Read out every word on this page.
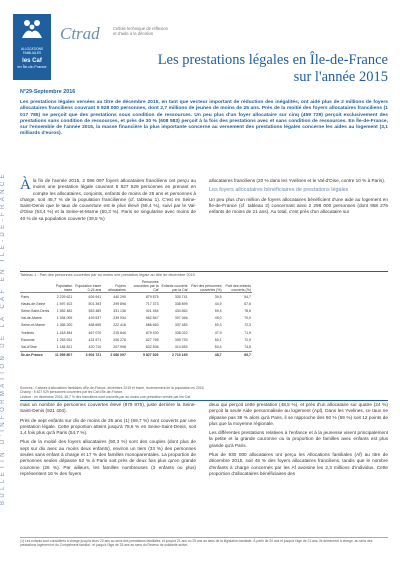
BULLETIN D'INFORMATION DE LA CAF EN ÎLE-DE-FRANCE
ALLOCATIONS FAMILIALES
les Caf
en Île-de-France
Ctrad	Cellule technique de réflexion
et d'aide à la décision
Les prestations légales en Île-de-France
sur l'année 2015
N°29-Septembre 2016
Les prestations légales versées au titre de décembre 2015, en tant que vecteur important de réduction des inégalités, ont aidé plus de 2 millions de foyers allocataires franciliens couvrant 5 828 000 personnes, dont 2,7 millions de jeunes de moins de 25 ans. Près de la moitié des foyers allocataires franciliens (1 017 785) ne perçoit que des prestations sous condition de ressources. Un peu plus d'un foyer allocataire sur cinq (459 729) perçoit exclusivement des prestations sans condition de ressources, et près de 30 % (608 583) perçoit à la fois des prestations avec et sans condition de ressources. En Île-de-France, sur l'ensemble de l'année 2015, la masse financière la plus importante concerne au versement des prestations légales concerne les aides au logement (3,1 milliards d'euros).

Àla fin de l'année 2015, 2 086 097 foyers allocataires franciliens ont perçu au moins une prestation légale couvrant 5 827 529 personnes en prenant en compte les allocataires, conjoints, enfants de moins de 25 ans et personnes à charge, soit 48,7 % de la population francilienne (cf. tableau 1). C'est en Seine-Saint-Denis que le taux de couverture est le plus élevé (59,4 %), suivi par le Val-d'Oise (53,4 %) et la Seine-et-Marne (50,3 %). Paris se singularise avec moins de 40 % de sa population couverte (39,5 %)

allocataires franciliens (20 % dans les Yvelines et le Val-d'Oise, contre 10 % à Paris).

Les foyers allocataires bénéficiaires de prestations légales

Un peu plus d'un million de foyers allocataires bénéficient d'une aide au logement en Île-de-France (cf. tableau 2) concernant ainsi 2 298 000 personnes (dont 958 276 enfants de moins de 21 ans). Au total, c'est près d'un allocataire sur

Tableau 1 : Part des personnes couvertes par au moins une prestation légale au titre de décembre 2015
	Population Insee	Population Insee 0-24 ans	Foyers allocataires	Personnes couvertes par la Caf	Enfants couverts par la Caf	Part des personnes couvertes (%)	Part des enfants couverts (%)
Paris	2 229 621	626 941	440 290	879 875	330 741	39,5	54,7
Hauts-de-Seine	1 597 402	501 393	299 896	717 373	338 899	44,9	67,6
Seine-Saint-Denis	1 552 482	553 480	331 136	921 454	434 862	59,4	78,6
Val-de-Marne	1 354 005	439 537	239 934	662 847	307 946	49,0	70,0
Seine-et-Marne	1 365 200	468 695	222 416	686 663	337 483	50,3	72,3
Yvelines	1 418 484	467 070	215 846	679 430	336 022	47,9	71,9
Essonne	1 253 931	424 971	206 276	627 765	309 793	50,1	72,9
Val-d'Oise	1 184 821	420 710	207 998	632 836	314 653	53,4	74,8
Île-de-France	11 959 807	3 904 721	2 086 097	5 827 529	2 710 165	48,7	69,7
Sources : Caisses d'allocations familiales d'Île-de-France, décembre 2015 et Insee, recensement de la population en 2015.
Champ : 5 827 529 personnes couvertes par les Caf d'Île-de-France.
Lecture : en décembre 2015, 48,7 % des franciliens sont couverts par au moins une prestation versée par les Caf.

mais un nombre de personnes couvertes élevé (879 875), juste derrière la Seine-Saint-Denis (921 404).

Près de sept enfants sur dix de moins de 25 ans (1) (69,7 %) sont couverts par une prestation légale. Cette proportion atteint jusqu'à 78,6 % en Seine-Saint-Denis, soit 1,4 fois plus qu'à Paris (54,7 %).

Plus de la moitié des foyers allocataires (50,3 %) sont des couples (dont plus de sept sur dix avec au moins deux enfants), environ un tiers (33 %) des personnes seules sans enfant à charge et 17 % des familles monoparentales. La proportion de personnes seules dépasse 52 % à Paris soit près de deux fois plus qu'en grande couronne (26 %). Par ailleurs, les familles nombreuses (3 enfants ou plus) représentent 16 % des foyers

deux qui perçoit cette prestation (48,5 %), et près d'un allocataire sur quatre (24 %) perçoit la seule Aide personnalisée au logement (Apl). Dans les Yvelines, ce taux ne dépasse pas 38 % alors qu'à Paris, il se rapproche des 60 % (59 %) soit 12 points de plus que la moyenne régionale.

Les différentes prestations relatives à l'enfance et à la jeunesse visent principalement la petite et la grande couronne ou la proportion de familles avec enfants est plus grande qu'à Paris.

Plus de 930 000 allocataires ont perçu les Allocations familiales (Af) au titre de décembre 2015, soit 45 % des foyers allocataires franciliens, tandis que le nombre d'enfants à charge concernés par les Af avoisine les 2,3 millions d'individus. Cette proportion d'allocataires bénéficiaires des

(1) Les enfants sont considérés à charge jusqu'à leurs 20 ans au sens des prestations familiales, et jusqu'à 21 ans ou 25 ans au sens de la législation familiale. À partir de 20 ans et jusqu'à l'âge de 21 ans, ils demeurent à charge, au sens des prestations logement et du Complément familial : et jusqu'à l'âge de 25 ans au sens du Revenu de solidarité active.
